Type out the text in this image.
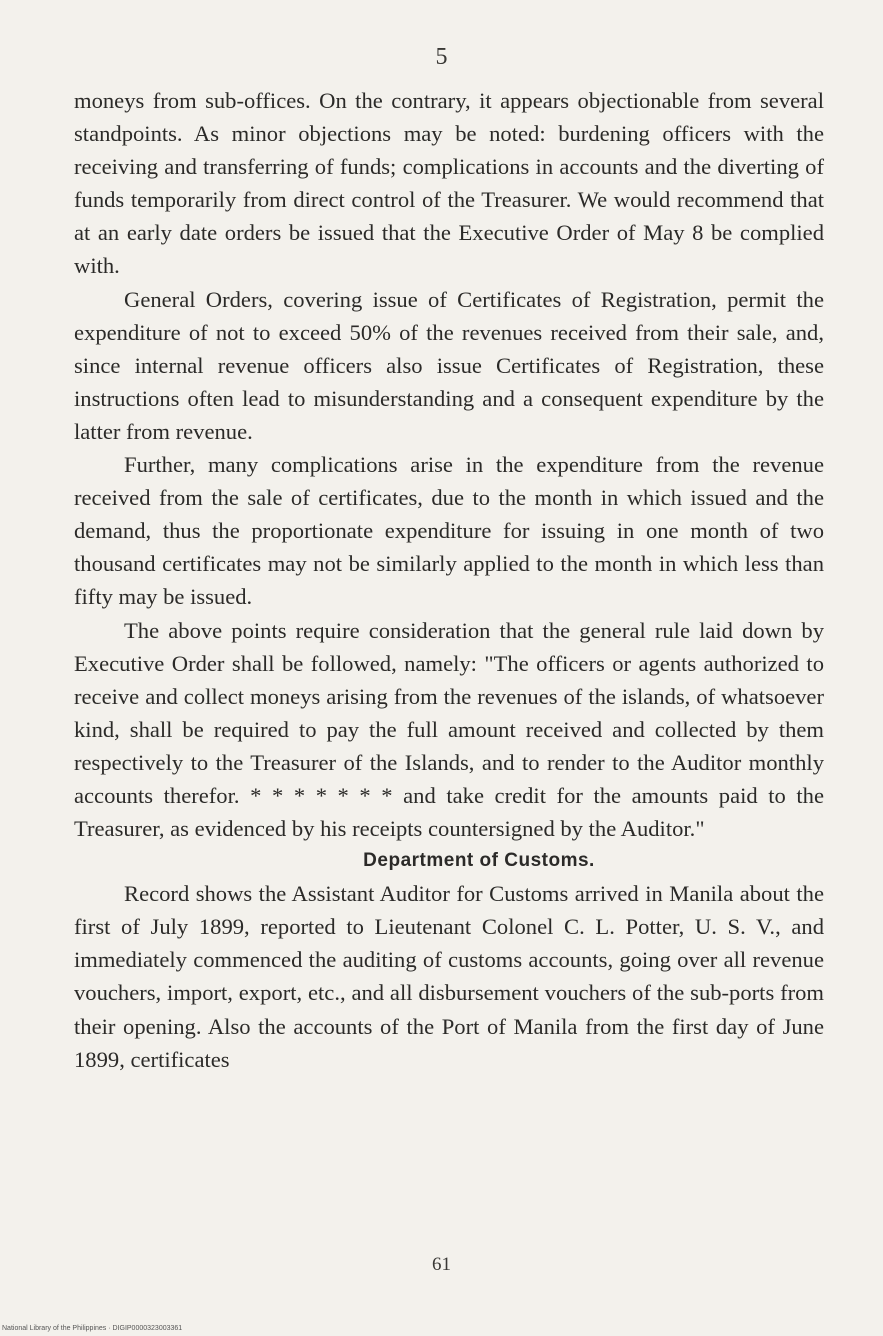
5

moneys from sub-offices. On the contrary, it appears objectionable from several standpoints. As minor objections may be noted: burdening officers with the receiving and transferring of funds; complications in accounts and the diverting of funds temporarily from direct control of the Treasurer. We would recommend that at an early date orders be issued that the Executive Order of May 8 be complied with.

General Orders, covering issue of Certificates of Registration, permit the expenditure of not to exceed 50% of the revenues received from their sale, and, since internal revenue officers also issue Certificates of Registration, these instructions often lead to misunderstanding and a consequent expenditure by the latter from revenue.

Further, many complications arise in the expenditure from the revenue received from the sale of certificates, due to the month in which issued and the demand, thus the proportionate expenditure for issuing in one month of two thousand certificates may not be similarly applied to the month in which less than fifty may be issued.

The above points require consideration that the general rule laid down by Executive Order shall be followed, namely: "The officers or agents authorized to receive and collect moneys arising from the revenues of the islands, of whatsoever kind, shall be required to pay the full amount received and collected by them respectively to the Treasurer of the Islands, and to render to the Auditor monthly accounts therefor. * * * * * * * and take credit for the amounts paid to the Treasurer, as evidenced by his receipts countersigned by the Auditor."

Department of Customs.

Record shows the Assistant Auditor for Customs arrived in Manila about the first of July 1899, reported to Lieutenant Colonel C. L. Potter, U. S. V., and immediately commenced the auditing of customs accounts, going over all revenue vouchers, import, export, etc., and all disbursement vouchers of the sub-ports from their opening. Also the accounts of the Port of Manila from the first day of June 1899, certificates

61
National Library of the Philippines · DIGIP0000323003361
